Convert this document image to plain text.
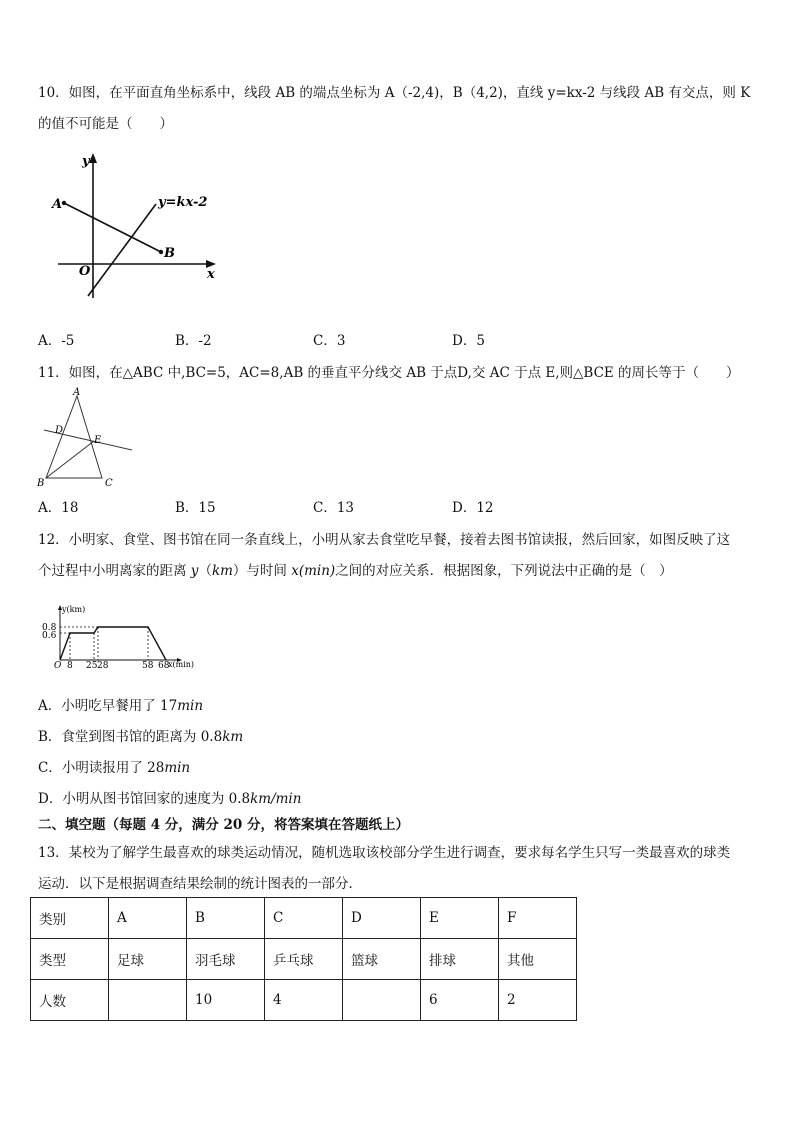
10．如图，在平面直角坐标系中，线段 AB 的端点坐标为 A（-2,4)，B（4,2)，直线 y=kx-2 与线段 AB 有交点，则 K
的值不可能是（　　）
y
x
O
A
B
y=kx-2
A．-5	B．-2	C．3	D．5
11．如图，在△ABC 中,BC=5，AC=8,AB 的垂直平分线交 AB 于点D,交 AC 于点 E,则△BCE 的周长等于（　　）
A
B	C
D
E
A．18	B．15	C．13	D．12
12．小明家、食堂、图书馆在同一条直线上，小明从家去食堂吃早餐，接着去图书馆读报，然后回家，如图反映了这
个过程中小明离家的距离 y（km）与时间 x(min)之间的对应关系．根据图象，下列说法中正确的是（　）
y(km)
x(min)
O
0.8
0.6
8 25 28	58 68
A．小明吃早餐用了 17min
B．食堂到图书馆的距离为 0.8km
C．小明读报用了 28min
D．小明从图书馆回家的速度为 0.8km/min
二、填空题（每题 4 分，满分 20 分，将答案填在答题纸上）
13．某校为了解学生最喜欢的球类运动情况，随机选取该校部分学生进行调查，要求每名学生只写一类最喜欢的球类
运动．以下是根据调查结果绘制的统计图表的一部分．
类别	A	B	C	D	E	F
类型	足球	羽毛球	乒乓球	篮球	排球	其他
人数		10	4		6	2
